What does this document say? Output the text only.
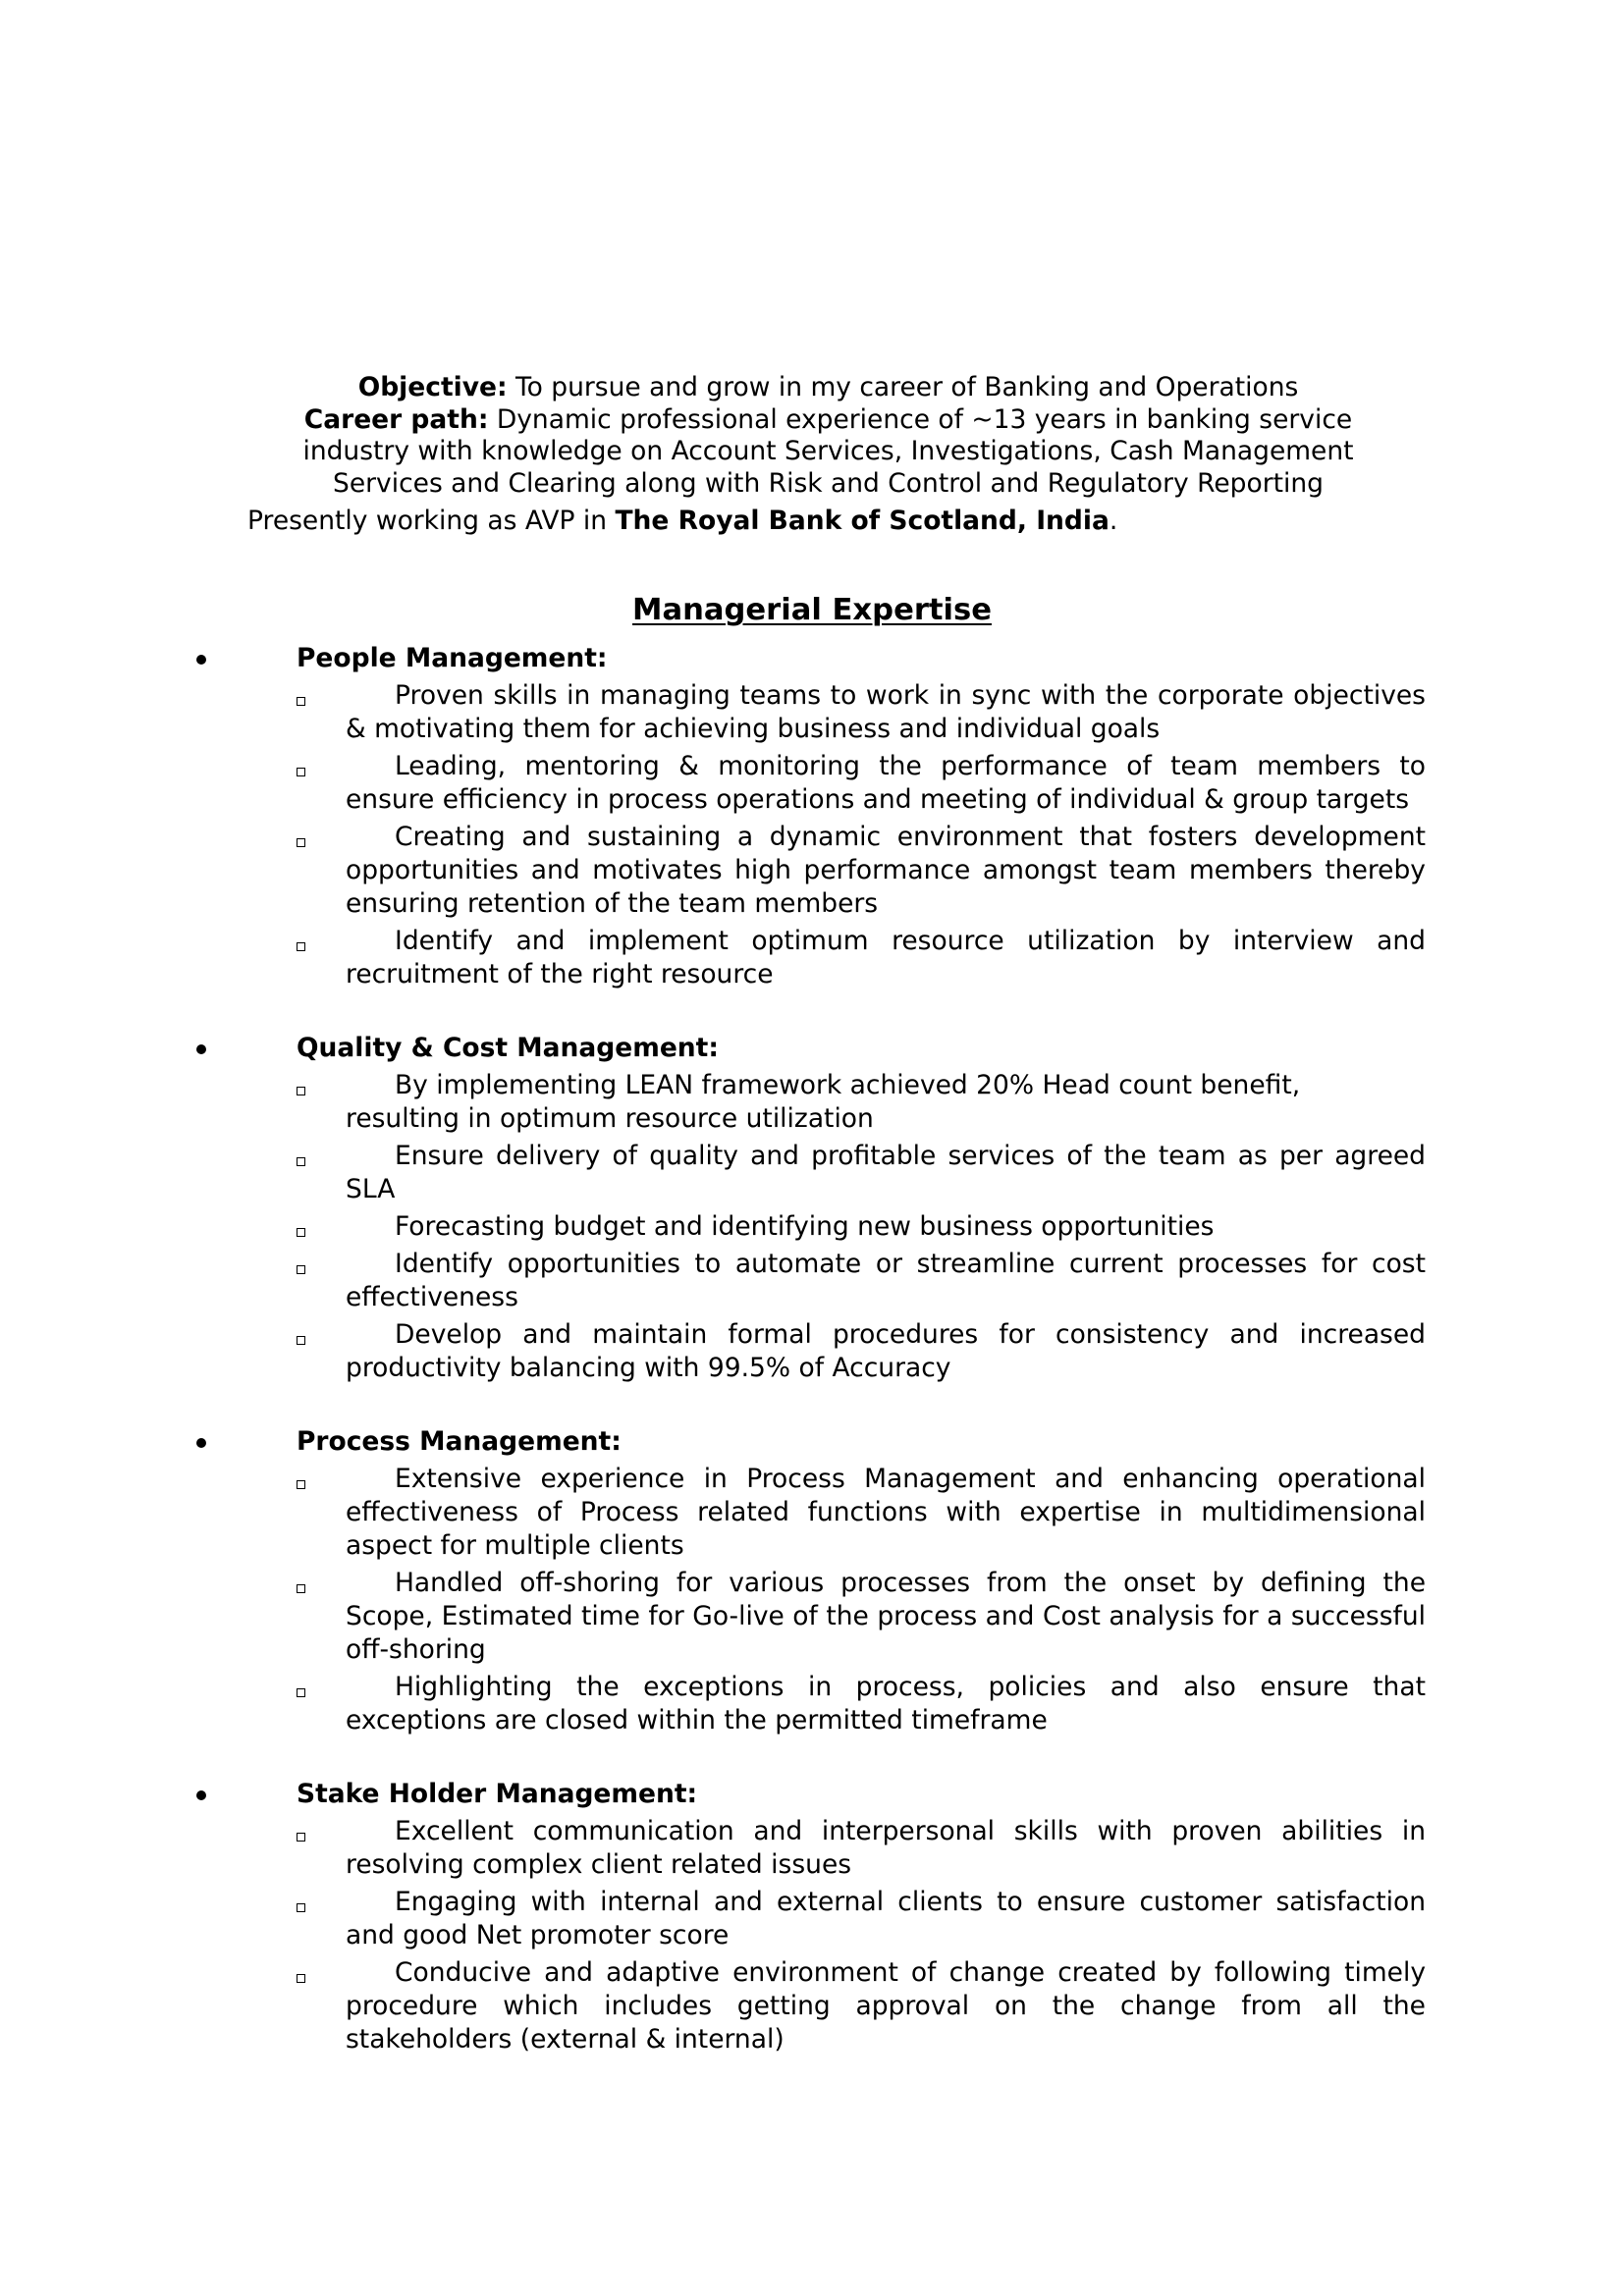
Objective: To pursue and grow in my career of Banking and Operations
Career path: Dynamic professional experience of ~13 years in banking service
industry with knowledge on Account Services, Investigations, Cash Management
Services and Clearing along with Risk and Control and Regulatory Reporting
Presently working as AVP in The Royal Bank of Scotland, India.
Managerial Expertise
People Management:
Proven skills in managing teams to work in sync with the corporate objectives & motivating them for achieving business and individual goals
Leading, mentoring & monitoring the performance of team members to ensure efficiency in process operations and meeting of individual & group targets
Creating and sustaining a dynamic environment that fosters development opportunities and motivates high performance amongst team members thereby ensuring retention of the team members
Identify and implement optimum resource utilization by interview and recruitment of the right resource
Quality & Cost Management:
By implementing LEAN framework achieved 20% Head count benefit,
resulting in optimum resource utilization
Ensure delivery of quality and profitable services of the team as per agreed SLA
Forecasting budget and identifying new business opportunities
Identify opportunities to automate or streamline current processes for cost effectiveness
Develop and maintain formal procedures for consistency and increased productivity balancing with 99.5% of Accuracy
Process Management:
Extensive experience in Process Management and enhancing operational effectiveness of Process related functions with expertise in multidimensional aspect for multiple clients
Handled off-shoring for various processes from the onset by defining the Scope, Estimated time for Go-live of the process and Cost analysis for a successful off-shoring
Highlighting the exceptions in process, policies and also ensure that exceptions are closed within the permitted timeframe
Stake Holder Management:
Excellent communication and interpersonal skills with proven abilities in resolving complex client related issues
Engaging with internal and external clients to ensure customer satisfaction and good Net promoter score
Conducive and adaptive environment of change created by following timely procedure which includes getting approval on the change from all the stakeholders (external & internal)
